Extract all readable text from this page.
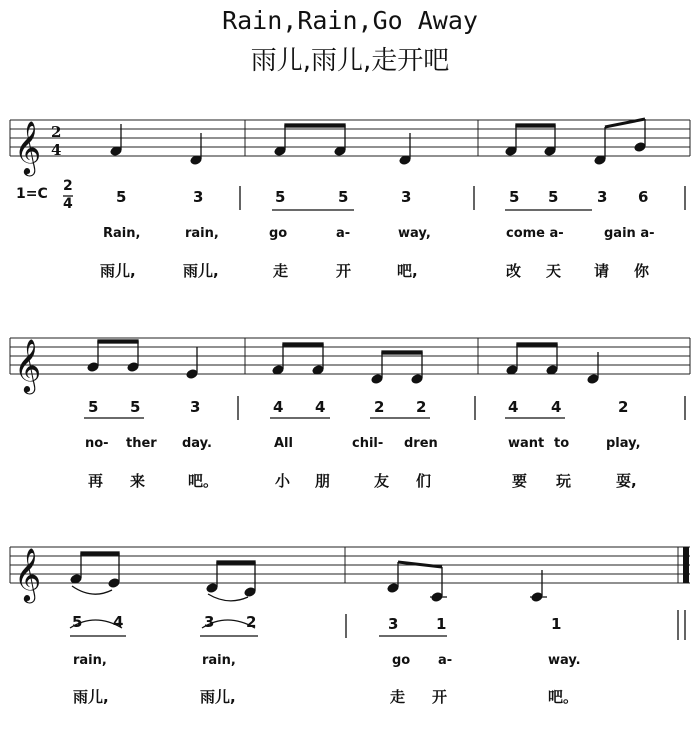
Rain,Rain,Go Away
雨儿,雨儿,走开吧
𝄞
𝄞
𝄞
2
4
1=C 2
4	5	3	5	5	3	5 5	3 6
Rain,	rain,	go	a-	way,	come a-	gain a-
雨儿,	雨儿,	走	开	吧,	改 天 请 你
5 5	3	4 4	2 2	4 4	2
no- ther day.	All	chil- dren	want to	play,
再 来	吧。	小 朋	友 们	要 玩	耍,
5 4	3 2	3	1	1
rain,	rain,	go a-	way.
雨儿,	雨儿,	走 开	吧。
